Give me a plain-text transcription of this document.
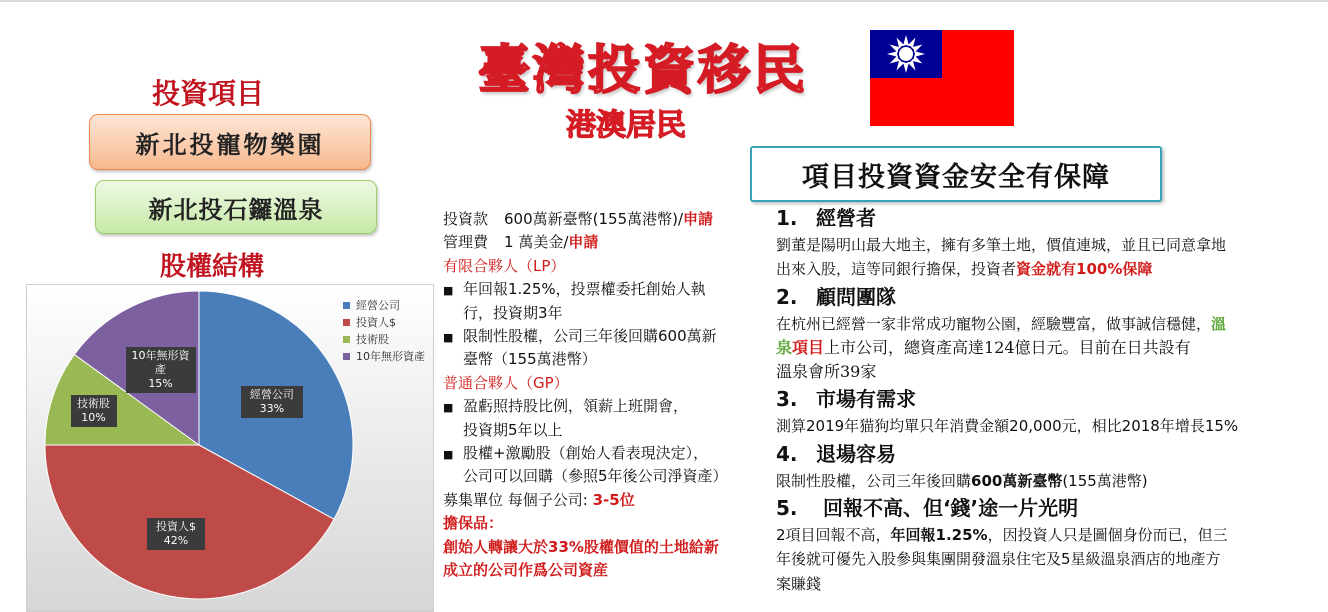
臺灣投資移民
港澳居民
投資項目
新北投寵物樂園
新北投石鑼溫泉
股權結構
經營公司
投資人$
技術股
10年無形資產
經營公司
33%
投資人$
42%
技術股
10%
10年無形資產
15%
投資款 600萬新臺幣(155萬港幣)/申請
管理費 1 萬美金/申請
有限合夥人（LP）
■ 年回報1.25%，投票權委托創始人執
行，投資期3年
■ 限制性股權，公司三年後回購600萬新
臺幣（155萬港幣）
普通合夥人（GP）
■ 盈虧照持股比例，領薪上班開會，
投資期5年以上
■ 股權+激勵股（創始人看表現決定），
公司可以回購（參照5年後公司淨資產）
募集單位 每個子公司: 3-5位
擔保品：
創始人轉讓大於33%股權價值的土地給新
成立的公司作爲公司資産
項目投資資金安全有保障
1. 經營者
劉董是陽明山最大地主，擁有多筆土地，價值連城，並且已同意拿地
出來入股，這等同銀行擔保，投資者資金就有100%保障
2. 顧問團隊
在杭州已經營一家非常成功寵物公園，經驗豐富，做事誠信穩健，溫
泉項目上市公司，總資產高達124億日元。目前在日共設有
溫泉會所39家
3. 市場有需求
測算2019年猫狗均單只年消費金額20,000元，相比2018年增長15%
4. 退場容易
限制性股權，公司三年後回購600萬新臺幣(155萬港幣)
5. 回報不高、但‘錢’途一片光明
2項目回報不高，年回報1.25%，因投資人只是圖個身份而已，但三
年後就可優先入股參與集團開發溫泉住宅及5星級溫泉酒店的地產方
案賺錢
